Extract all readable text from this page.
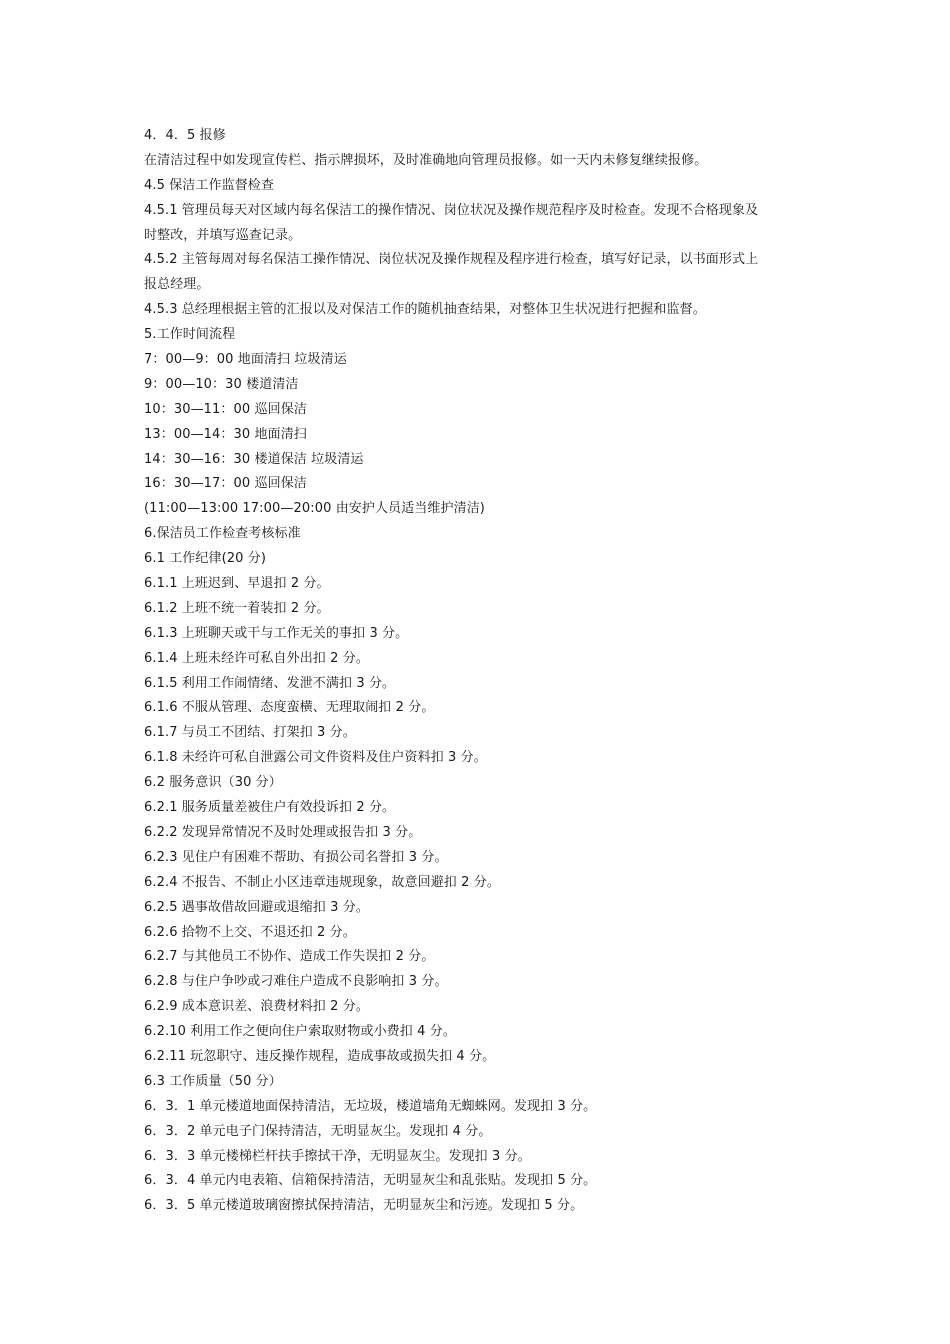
4．4．5 报修
在清洁过程中如发现宣传栏、指示牌损坏，及时准确地向管理员报修。如一天内未修复继续报修。
4.5 保洁工作监督检查
4.5.1 管理员每天对区域内每名保洁工的操作情况、岗位状况及操作规范程序及时检查。发现不合格现象及
时整改，并填写巡查记录。
4.5.2 主管每周对每名保洁工操作情况、岗位状况及操作规程及程序进行检查，填写好记录，以书面形式上
报总经理。
4.5.3 总经理根据主管的汇报以及对保洁工作的随机抽查结果，对整体卫生状况进行把握和监督。
5.工作时间流程
7：00—9：00 地面清扫 垃圾清运
9：00—10：30 楼道清洁
10：30—11：00 巡回保洁
13：00—14：30 地面清扫
14：30—16：30 楼道保洁 垃圾清运
16：30—17：00 巡回保洁
(11:00—13:00 17:00—20:00 由安护人员适当维护清洁)
6.保洁员工作检查考核标准
6.1 工作纪律(20 分)
6.1.1 上班迟到、早退扣 2 分。
6.1.2 上班不统一着装扣 2 分。
6.1.3 上班聊天或干与工作无关的事扣 3 分。
6.1.4 上班未经许可私自外出扣 2 分。
6.1.5 利用工作闹情绪、发泄不满扣 3 分。
6.1.6 不服从管理、态度蛮横、无理取闹扣 2 分。
6.1.7 与员工不团结、打架扣 3 分。
6.1.8 未经许可私自泄露公司文件资料及住户资料扣 3 分。
6.2 服务意识（30 分）
6.2.1 服务质量差被住户有效投诉扣 2 分。
6.2.2 发现异常情况不及时处理或报告扣 3 分。
6.2.3 见住户有困难不帮助、有损公司名誉扣 3 分。
6.2.4 不报告、不制止小区违章违规现象，故意回避扣 2 分。
6.2.5 遇事故借故回避或退缩扣 3 分。
6.2.6 拾物不上交、不退还扣 2 分。
6.2.7 与其他员工不协作、造成工作失误扣 2 分。
6.2.8 与住户争吵或刁难住户造成不良影响扣 3 分。
6.2.9 成本意识差、浪费材料扣 2 分。
6.2.10 利用工作之便向住户索取财物或小费扣 4 分。
6.2.11 玩忽职守、违反操作规程，造成事故或损失扣 4 分。
6.3 工作质量（50 分）
6．3．1 单元楼道地面保持清洁，无垃圾，楼道墙角无蜘蛛网。发现扣 3 分。
6．3．2 单元电子门保持清洁，无明显灰尘。发现扣 4 分。
6．3．3 单元楼梯栏杆扶手擦拭干净，无明显灰尘。发现扣 3 分。
6．3．4 单元内电表箱、信箱保持清洁，无明显灰尘和乱张贴。发现扣 5 分。
6．3．5 单元楼道玻璃窗擦拭保持清洁，无明显灰尘和污迹。发现扣 5 分。
